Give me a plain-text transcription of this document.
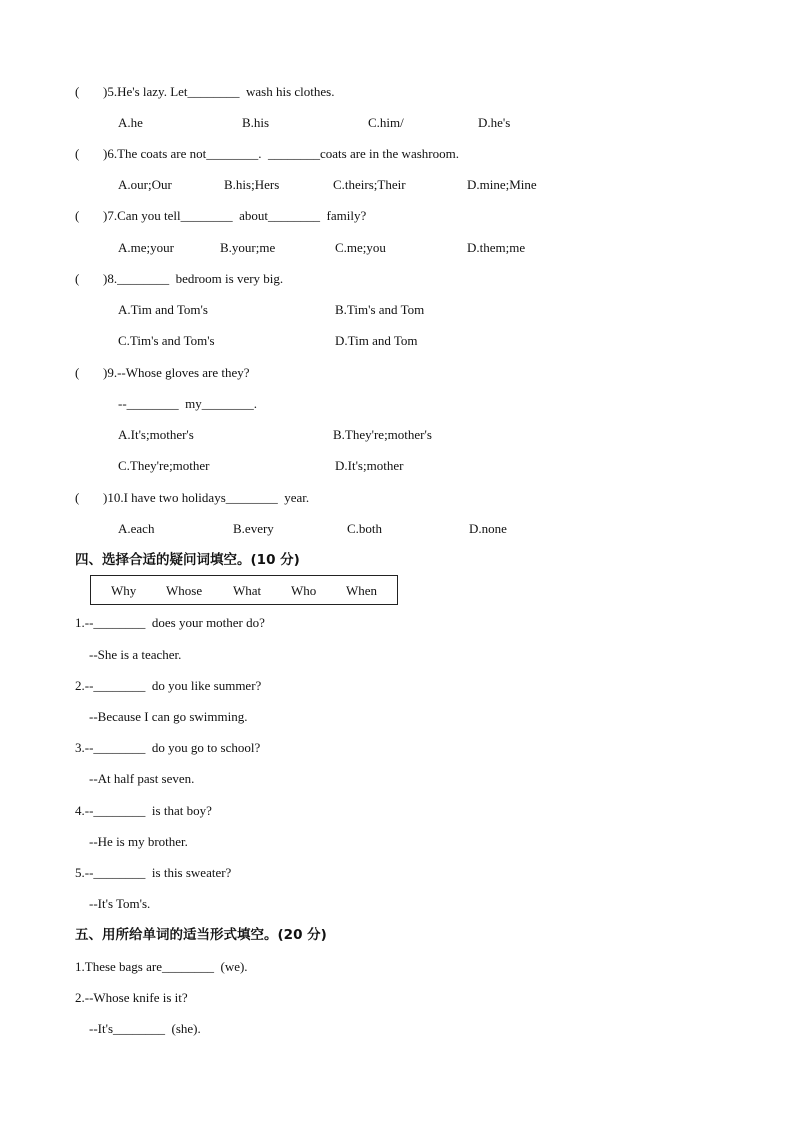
( )5.He's lazy. Let________  wash his clothes.
A.he	B.his	C.him/	D.he's
( )6.The coats are not________.  ________coats are in the washroom.
A.our;Our	B.his;Hers	C.theirs;Their	D.mine;Mine
( )7.Can you tell________  about________  family?
A.me;your	B.your;me	C.me;you	D.them;me
( )8.________  bedroom is very big.
A.Tim and Tom's	B.Tim's and Tom
C.Tim's and Tom's	D.Tim and Tom
( )9.--Whose gloves are they?
--________  my________.
A.It's;mother's	B.They're;mother's
C.They're;mother	D.It's;mother
( )10.I have two holidays________  year.
A.each	B.every	C.both	D.none
四、选择合适的疑问词填空。(10 分)
Why Whose What Who When
1.--________  does your mother do?
--She is a teacher.
2.--________  do you like summer?
--Because I can go swimming.
3.--________  do you go to school?
--At half past seven.
4.--________  is that boy?
--He is my brother.
5.--________  is this sweater?
--It's Tom's.
五、用所给单词的适当形式填空。(20 分)
1.These bags are________  (we).
2.--Whose knife is it?
--It's________  (she).
